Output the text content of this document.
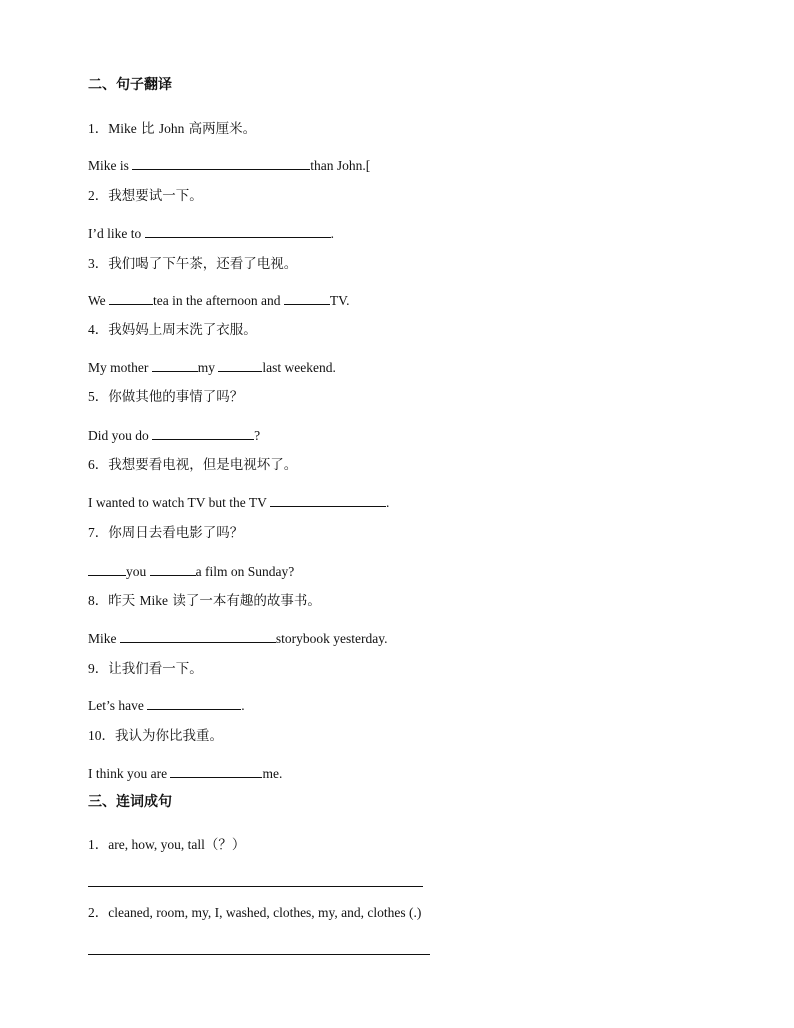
二、句子翻译
1．Mike 比 John 高两厘米。
Mike is	than John.[
2．我想要试一下。
I’d like to	.
3．我们喝了下午茶，还看了电视。
We	tea in the afternoon and	TV.
4．我妈妈上周末洗了衣服。
My mother	my	last weekend.
5．你做其他的事情了吗？
Did you do	?
6．我想要看电视，但是电视坏了。
I wanted to watch TV but the TV	.
7．你周日去看电影了吗？
you	a film on Sunday?
8．昨天 Mike 读了一本有趣的故事书。
Mike	storybook yesterday.
9．让我们看一下。
Let’s have	.
10．我认为你比我重。
I think you are	me.
三、连词成句
1．are, how, you, tall（？）
2．cleaned, room, my, I, washed, clothes, my, and, clothes (.)
